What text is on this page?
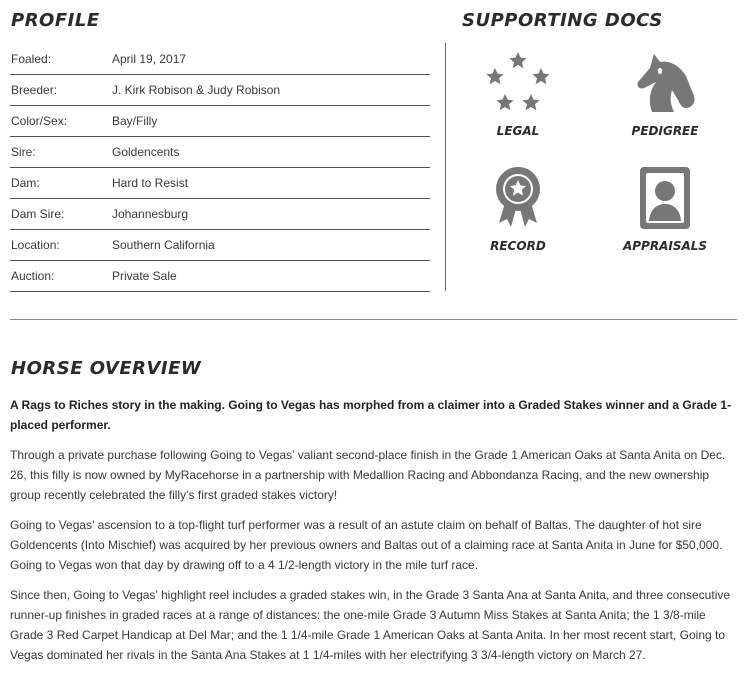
PROFILE
Foaled:	April 19, 2017
Breeder:	J. Kirk Robison & Judy Robison
Color/Sex:	Bay/Filly
Sire:	Goldencents
Dam:	Hard to Resist
Dam Sire:	Johannesburg
Location:	Southern California
Auction:	Private Sale
SUPPORTING DOCS
LEGAL	PEDIGREE
RECORD	APPRAISALS
HORSE OVERVIEW

A Rags to Riches story in the making. Going to Vegas has morphed from a claimer into a Graded Stakes winner and a Grade 1-placed performer.

Through a private purchase following Going to Vegas’ valiant second-place finish in the Grade 1 American Oaks at Santa Anita on Dec. 26, this filly is now owned by MyRacehorse in a partnership with Medallion Racing and Abbondanza Racing, and the new ownership group recently celebrated the filly’s first graded stakes victory!

Going to Vegas’ ascension to a top-flight turf performer was a result of an astute claim on behalf of Baltas. The daughter of hot sire Goldencents (Into Mischief) was acquired by her previous owners and Baltas out of a claiming race at Santa Anita in June for $50,000. Going to Vegas won that day by drawing off to a 4 1/2-length victory in the mile turf race.

Since then, Going to Vegas’ highlight reel includes a graded stakes win, in the Grade 3 Santa Ana at Santa Anita, and three consecutive runner-up finishes in graded races at a range of distances: the one-mile Grade 3 Autumn Miss Stakes at Santa Anita; the 1 3/8-mile Grade 3 Red Carpet Handicap at Del Mar; and the 1 1/4-mile Grade 1 American Oaks at Santa Anita. In her most recent start, Going to Vegas dominated her rivals in the Santa Ana Stakes at 1 1/4-miles with her electrifying 3 3/4-length victory on March 27.
